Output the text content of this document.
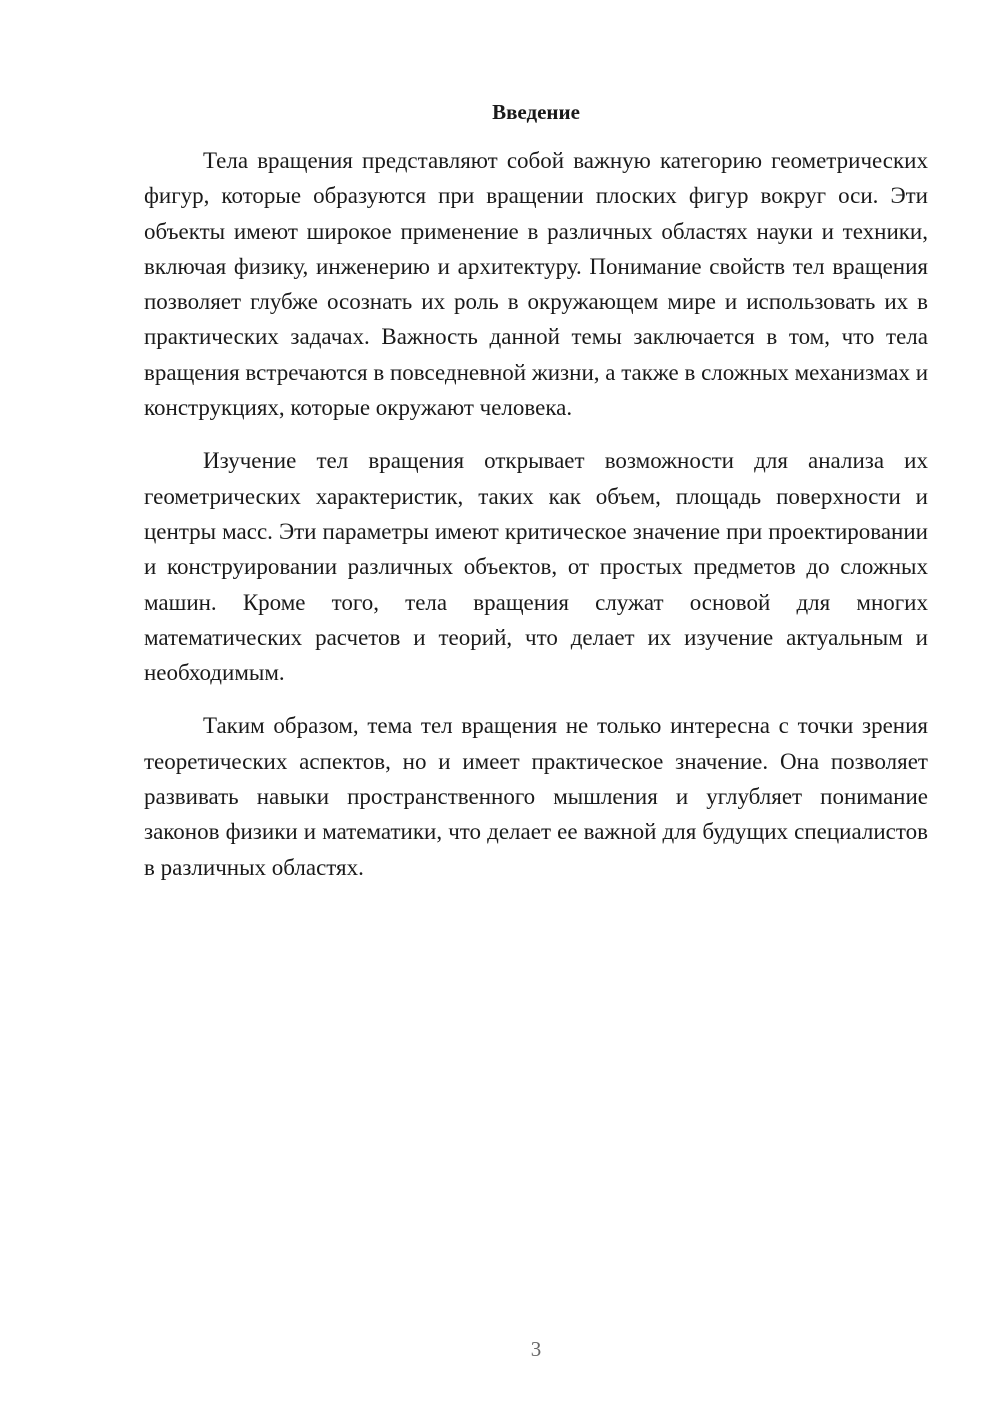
Введение

Тела вращения представляют собой важную категорию геометрических фигур, которые образуются при вращении плоских фигур вокруг оси. Эти объекты имеют широкое применение в различных областях науки и техники, включая физику, инженерию и архитектуру. Понимание свойств тел вращения позволяет глубже осознать их роль в окружающем мире и использовать их в практических задачах. Важность данной темы заключается в том, что тела вращения встречаются в повседневной жизни, а также в сложных механизмах и конструкциях, которые окружают человека.

Изучение тел вращения открывает возможности для анализа их геометрических характеристик, таких как объем, площадь поверхности и центры масс. Эти параметры имеют критическое значение при проектировании и конструировании различных объектов, от простых предметов до сложных машин. Кроме того, тела вращения служат основой для многих математических расчетов и теорий, что делает их изучение актуальным и необходимым.

Таким образом, тема тел вращения не только интересна с точки зрения теоретических аспектов, но и имеет практическое значение. Она позволяет развивать навыки пространственного мышления и углубляет понимание законов физики и математики, что делает ее важной для будущих специалистов в различных областях.

3
